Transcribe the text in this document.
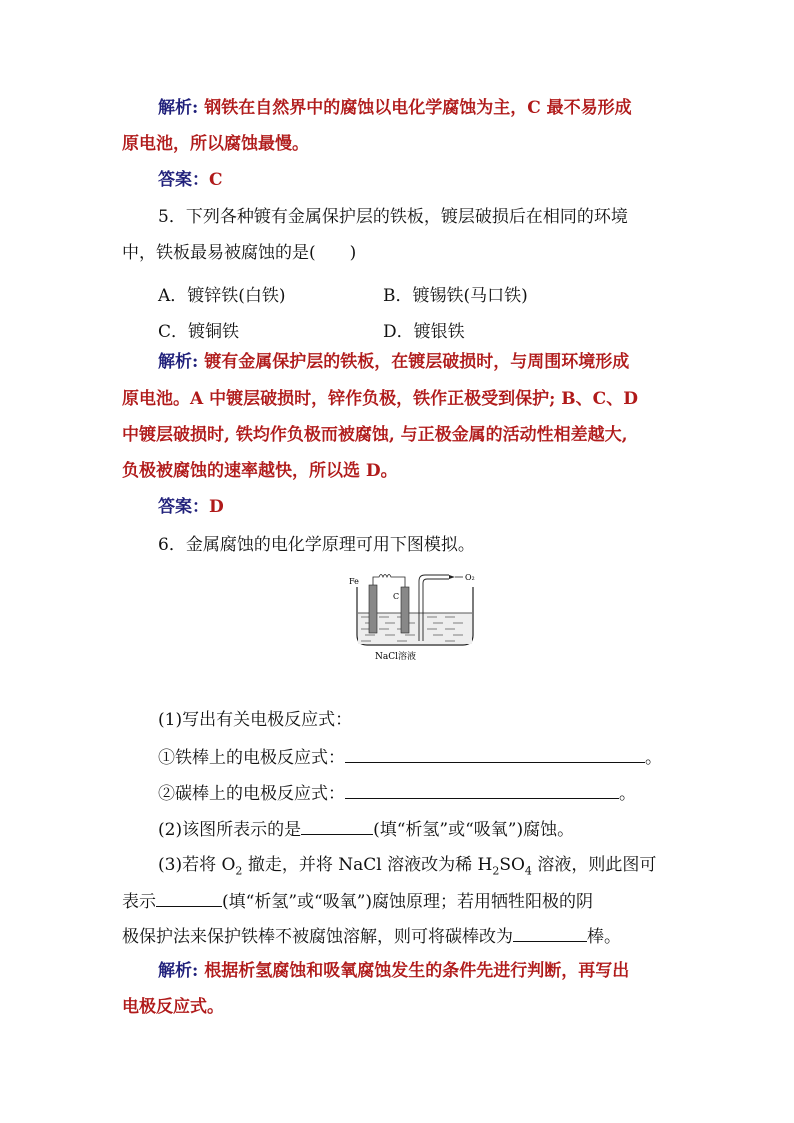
解析: 钢铁在自然界中的腐蚀以电化学腐蚀为主，C 最不易形成
原电池，所以腐蚀最慢。
答案：C
5．下列各种镀有金属保护层的铁板，镀层破损后在相同的环境
中，铁板最易被腐蚀的是(　　)
A．镀锌铁(白铁)	B．镀锡铁(马口铁)
C．镀铜铁	D．镀银铁
解析: 镀有金属保护层的铁板，在镀层破损时，与周围环境形成
原电池。A 中镀层破损时，锌作负极，铁作正极受到保护; B、C、D
中镀层破损时, 铁均作负极而被腐蚀, 与正极金属的活动性相差越大,
负极被腐蚀的速率越快，所以选 D。
答案：D
6．金属腐蚀的电化学原理可用下图模拟。
Fe
C
O₂
NaCl溶液
(1)写出有关电极反应式：
①铁棒上的电极反应式：	。
②碳棒上的电极反应式：	。
(2)该图所表示的是	(填“析氢”或“吸氧”)腐蚀。
(3)若将 $O_2$ 撤走，并将 NaCl 溶液改为稀 $H_2SO_4$ 溶液，则此图可
表示	(填“析氢”或“吸氧”)腐蚀原理；若用牺牲阳极的阴
极保护法来保护铁棒不被腐蚀溶解，则可将碳棒改为	棒。
解析: 根据析氢腐蚀和吸氧腐蚀发生的条件先进行判断，再写出
电极反应式。
